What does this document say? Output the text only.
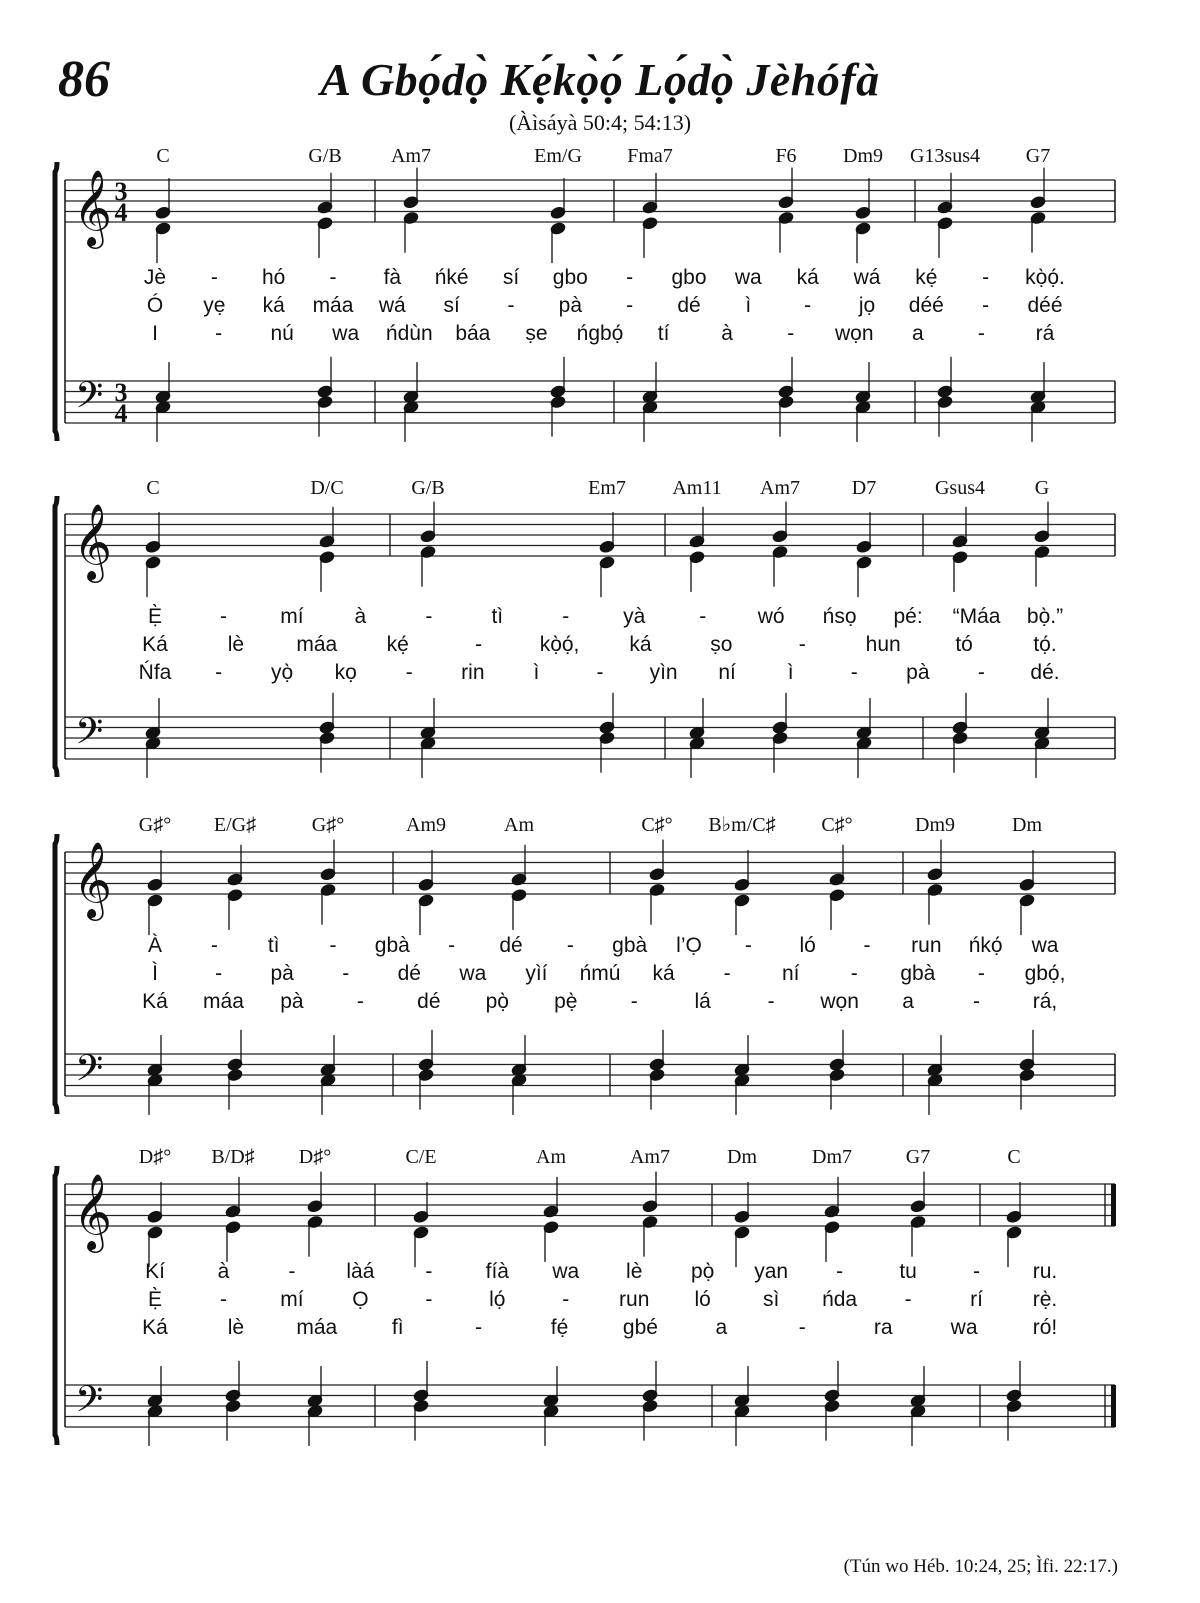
86	A Gbọ́dọ̀ Kẹ́kọ̀ọ́ Lọ́dọ̀ Jèhófà
(Àìsáyà 50:4; 54:13)
(Tún wo Héb. 10:24, 25; Ìfi. 22:17.)
𝄞
𝄢
3
4
3
4
C	G/B Am7	Em/G Fma7	F6 Dm9 G13sus4 G7
Jè - hó - fà ńké sí gbo - gbo wa ká wá kẹ́ - kọ̀ọ́.
Ó yẹ ká máa wá sí - pà - dé ì	- jọ déé - déé
I	- nú wa ńdùn báa ṣe ńgbọ́ tí à	- wọn a	- rá
𝄞
𝄢
C	D/C	G/B	Em7 Am11 Am7	D7	Gsus4 G
Ẹ̀	-	mí à	-	tì	-	yà	- wó ńsọ pé: “Máa bọ̀.”
Ká	lè máa kẹ́	-	kọ̀ọ́, ká	ṣo	-	hun	tó	tọ́.
Ńfa - yọ̀ kọ - rin ì	- yìn ní ì	- pà - dé.
𝄞
𝄢
G♯° E/G♯	G♯°	Am9	Am	C♯° B♭m/C♯ C♯°	Dm9	Dm
À - tì - gbà - dé - gbà l’Ọ - ló - run ńkọ́ wa
Ì	- pà - dé wa yìí ńmú ká - ní - gbà - gbọ́,
Ká máa pà	-	dé pọ̀ pẹ̀	-	lá	- wọn a	-	rá,
𝄞
𝄢
D♯° B/D♯ D♯°	C/E	Am	Am7	Dm	Dm7	G7	C
Kí	à	- làá -	fíà wa lè pọ̀ yan -	tu	-	ru.
Ẹ̀	-	mí Ọ	-	lọ́	- run ló sì ńda -	rí rẹ̀.
Ká	lè máa	fì	-	fẹ́	gbé	a	-	ra	wa	ró!
